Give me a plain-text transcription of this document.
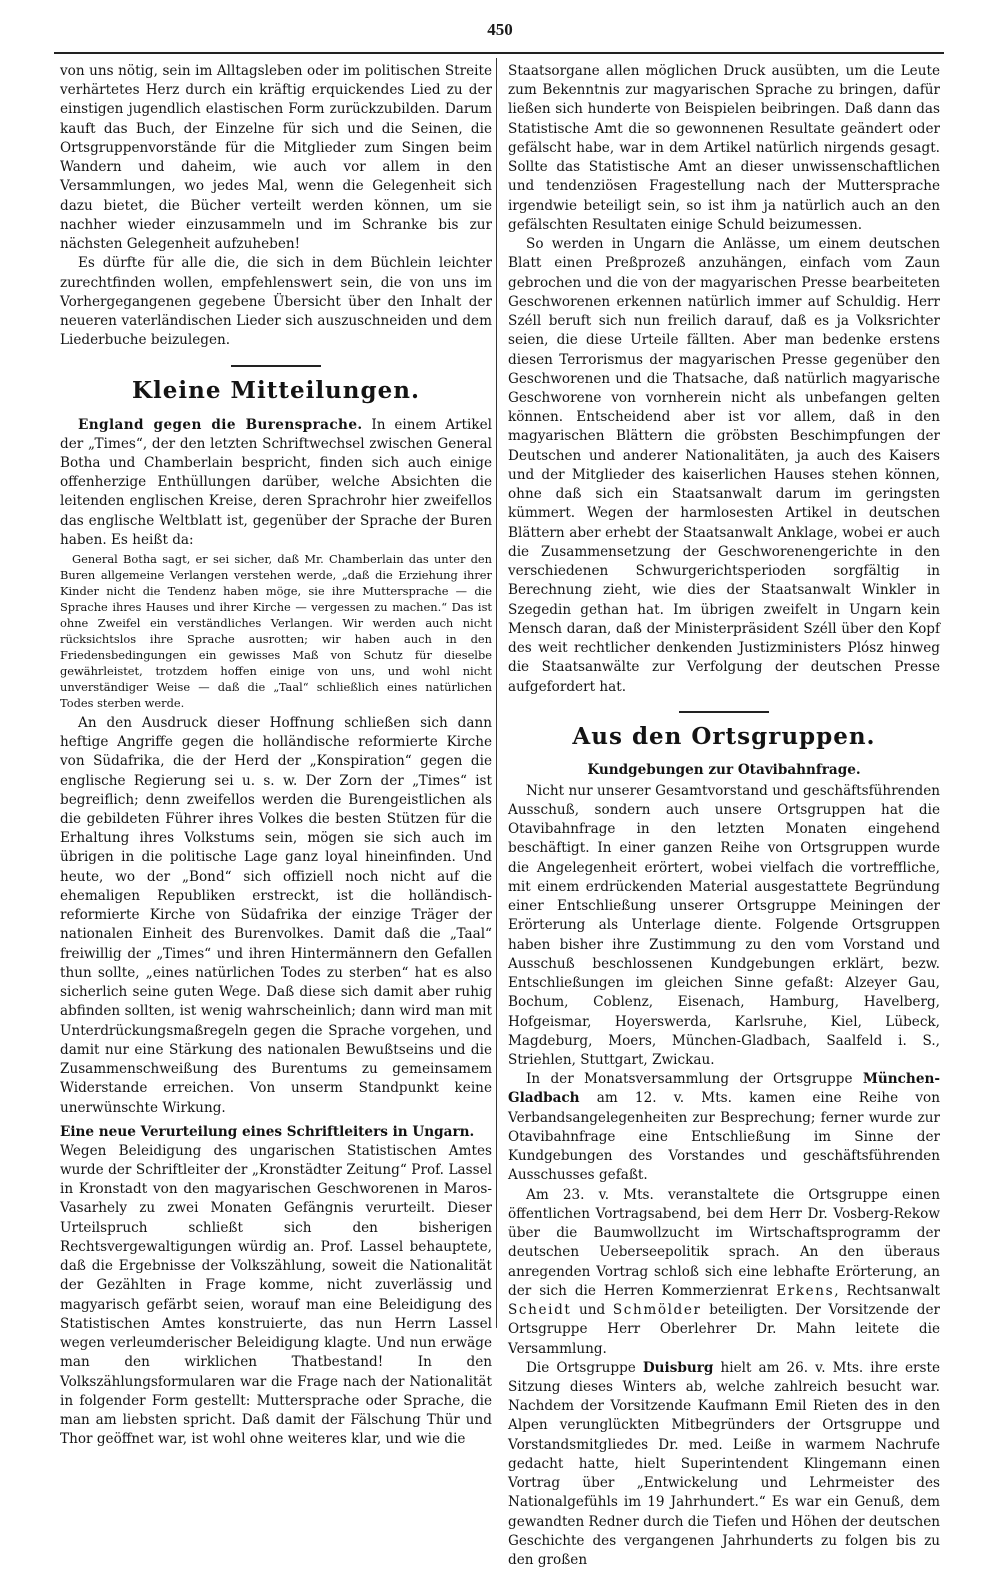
450

von uns nötig, sein im Alltagsleben oder im politischen Streite verhärtetes Herz durch ein kräftig erquickendes Lied zu der einstigen jugendlich elastischen Form zurückzubilden. Darum kauft das Buch, der Einzelne für sich und die Seinen, die Ortsgruppenvorstände für die Mitglieder zum Singen beim Wandern und daheim, wie auch vor allem in den Versammlungen, wo jedes Mal, wenn die Gelegenheit sich dazu bietet, die Bücher verteilt werden können, um sie nachher wieder einzusammeln und im Schranke bis zur nächsten Gelegenheit aufzuheben!

Es dürfte für alle die, die sich in dem Büchlein leichter zurechtfinden wollen, empfehlenswert sein, die von uns im Vorhergegangenen gegebene Übersicht über den Inhalt der neueren vaterländischen Lieder sich auszuschneiden und dem Liederbuche beizulegen.

Kleine Mitteilungen.

England gegen die Burensprache. In einem Artikel der „Times“, der den letzten Schriftwechsel zwischen General Botha und Chamberlain bespricht, finden sich auch einige offenherzige Enthüllungen darüber, welche Absichten die leitenden englischen Kreise, deren Sprachrohr hier zweifellos das englische Weltblatt ist, gegenüber der Sprache der Buren haben. Es heißt da:

General Botha sagt, er sei sicher, daß Mr. Chamberlain das unter den Buren allgemeine Verlangen verstehen werde, „daß die Erziehung ihrer Kinder nicht die Tendenz haben möge, sie ihre Muttersprache — die Sprache ihres Hauses und ihrer Kirche — vergessen zu machen.“ Das ist ohne Zweifel ein verständliches Verlangen. Wir werden auch nicht rücksichtslos ihre Sprache ausrotten; wir haben auch in den Friedensbedingungen ein gewisses Maß von Schutz für dieselbe gewährleistet, trotzdem hoffen einige von uns, und wohl nicht unverständiger Weise — daß die „Taal“ schließlich eines natürlichen Todes sterben werde.

An den Ausdruck dieser Hoffnung schließen sich dann heftige Angriffe gegen die holländische reformierte Kirche von Südafrika, die der Herd der „Konspiration“ gegen die englische Regierung sei u. s. w. Der Zorn der „Times“ ist begreiflich; denn zweifellos werden die Burengeistlichen als die gebildeten Führer ihres Volkes die besten Stützen für die Erhaltung ihres Volkstums sein, mögen sie sich auch im übrigen in die politische Lage ganz loyal hineinfinden. Und heute, wo der „Bond“ sich offiziell noch nicht auf die ehemaligen Republiken erstreckt, ist die holländisch-reformierte Kirche von Südafrika der einzige Träger der nationalen Einheit des Burenvolkes. Damit daß die „Taal“ freiwillig der „Times“ und ihren Hintermännern den Gefallen thun sollte, „eines natürlichen Todes zu sterben“ hat es also sicherlich seine guten Wege. Daß diese sich damit aber ruhig abfinden sollten, ist wenig wahrscheinlich; dann wird man mit Unterdrückungsmaßregeln gegen die Sprache vorgehen, und damit nur eine Stärkung des nationalen Bewußtseins und die Zusammenschweißung des Burentums zu gemeinsamem Widerstande erreichen. Von unserm Standpunkt keine unerwünschte Wirkung.

Eine neue Verurteilung eines Schriftleiters in Ungarn.

Wegen Beleidigung des ungarischen Statistischen Amtes wurde der Schriftleiter der „Kronstädter Zeitung“ Prof. Lassel in Kronstadt von den magyarischen Geschworenen in Maros-Vasarhely zu zwei Monaten Gefängnis verurteilt. Dieser Urteilspruch schließt sich den bisherigen Rechtsvergewaltigungen würdig an. Prof. Lassel behauptete, daß die Ergebnisse der Volkszählung, soweit die Nationalität der Gezählten in Frage komme, nicht zuverlässig und magyarisch gefärbt seien, worauf man eine Beleidigung des Statistischen Amtes konstruierte, das nun Herrn Lassel wegen verleumderischer Beleidigung klagte. Und nun erwäge man den wirklichen Thatbestand! In den Volkszählungsformularen war die Frage nach der Nationalität in folgender Form gestellt: Muttersprache oder Sprache, die man am liebsten spricht. Daß damit der Fälschung Thür und Thor geöffnet war, ist wohl ohne weiteres klar, und wie die

Staatsorgane allen möglichen Druck ausübten, um die Leute zum Bekenntnis zur magyarischen Sprache zu bringen, dafür ließen sich hunderte von Beispielen beibringen. Daß dann das Statistische Amt die so gewonnenen Resultate geändert oder gefälscht habe, war in dem Artikel natürlich nirgends gesagt. Sollte das Statistische Amt an dieser unwissenschaftlichen und tendenziösen Fragestellung nach der Muttersprache irgendwie beteiligt sein, so ist ihm ja natürlich auch an den gefälschten Resultaten einige Schuld beizumessen.

So werden in Ungarn die Anlässe, um einem deutschen Blatt einen Preßprozeß anzuhängen, einfach vom Zaun gebrochen und die von der magyarischen Presse bearbeiteten Geschworenen erkennen natürlich immer auf Schuldig. Herr Széll beruft sich nun freilich darauf, daß es ja Volksrichter seien, die diese Urteile fällten. Aber man bedenke erstens diesen Terrorismus der magyarischen Presse gegenüber den Geschworenen und die Thatsache, daß natürlich magyarische Geschworene von vornherein nicht als unbefangen gelten können. Entscheidend aber ist vor allem, daß in den magyarischen Blättern die gröbsten Beschimpfungen der Deutschen und anderer Nationalitäten, ja auch des Kaisers und der Mitglieder des kaiserlichen Hauses stehen können, ohne daß sich ein Staatsanwalt darum im geringsten kümmert. Wegen der harmlosesten Artikel in deutschen Blättern aber erhebt der Staatsanwalt Anklage, wobei er auch die Zusammensetzung der Geschworenengerichte in den verschiedenen Schwurgerichtsperioden sorgfältig in Berechnung zieht, wie dies der Staatsanwalt Winkler in Szegedin gethan hat. Im übrigen zweifelt in Ungarn kein Mensch daran, daß der Ministerpräsident Széll über den Kopf des weit rechtlicher denkenden Justizministers Plósz hinweg die Staatsanwälte zur Verfolgung der deutschen Presse aufgefordert hat.

Aus den Ortsgruppen.
Kundgebungen zur Otavibahnfrage.

Nicht nur unserer Gesamtvorstand und geschäftsführenden Ausschuß, sondern auch unsere Ortsgruppen hat die Otavibahnfrage in den letzten Monaten eingehend beschäftigt. In einer ganzen Reihe von Ortsgruppen wurde die Angelegenheit erörtert, wobei vielfach die vortreffliche, mit einem erdrückenden Material ausgestattete Begründung einer Entschließung unserer Ortsgruppe Meiningen der Erörterung als Unterlage diente. Folgende Ortsgruppen haben bisher ihre Zustimmung zu den vom Vorstand und Ausschuß beschlossenen Kundgebungen erklärt, bezw. Entschließungen im gleichen Sinne gefaßt: Alzeyer Gau, Bochum, Coblenz, Eisenach, Hamburg, Havelberg, Hofgeismar, Hoyerswerda, Karlsruhe, Kiel, Lübeck, Magdeburg, Moers, München-Gladbach, Saalfeld i. S., Striehlen, Stuttgart, Zwickau.

In der Monatsversammlung der Ortsgruppe München-Gladbach am 12. v. Mts. kamen eine Reihe von Verbandsangelegenheiten zur Besprechung; ferner wurde zur Otavibahnfrage eine Entschließung im Sinne der Kundgebungen des Vorstandes und geschäftsführenden Ausschusses gefaßt.

Am 23. v. Mts. veranstaltete die Ortsgruppe einen öffentlichen Vortragsabend, bei dem Herr Dr. Vosberg-Rekow über die Baumwollzucht im Wirtschaftsprogramm der deutschen Ueberseepolitik sprach. An den überaus anregenden Vortrag schloß sich eine lebhafte Erörterung, an der sich die Herren Kommerzienrat Erkens, Rechtsanwalt Scheidt und Schmölder beteiligten. Der Vorsitzende der Ortsgruppe Herr Oberlehrer Dr. Mahn leitete die Versammlung.

Die Ortsgruppe Duisburg hielt am 26. v. Mts. ihre erste Sitzung dieses Winters ab, welche zahlreich besucht war. Nachdem der Vorsitzende Kaufmann Emil Rieten des in den Alpen verunglückten Mitbegründers der Ortsgruppe und Vorstandsmitgliedes Dr. med. Leiße in warmem Nachrufe gedacht hatte, hielt Superintendent Klingemann einen Vortrag über „Entwickelung und Lehrmeister des Nationalgefühls im 19 Jahrhundert.“ Es war ein Genuß, dem gewandten Redner durch die Tiefen und Höhen der deutschen Geschichte des vergangenen Jahrhunderts zu folgen bis zu den großen
